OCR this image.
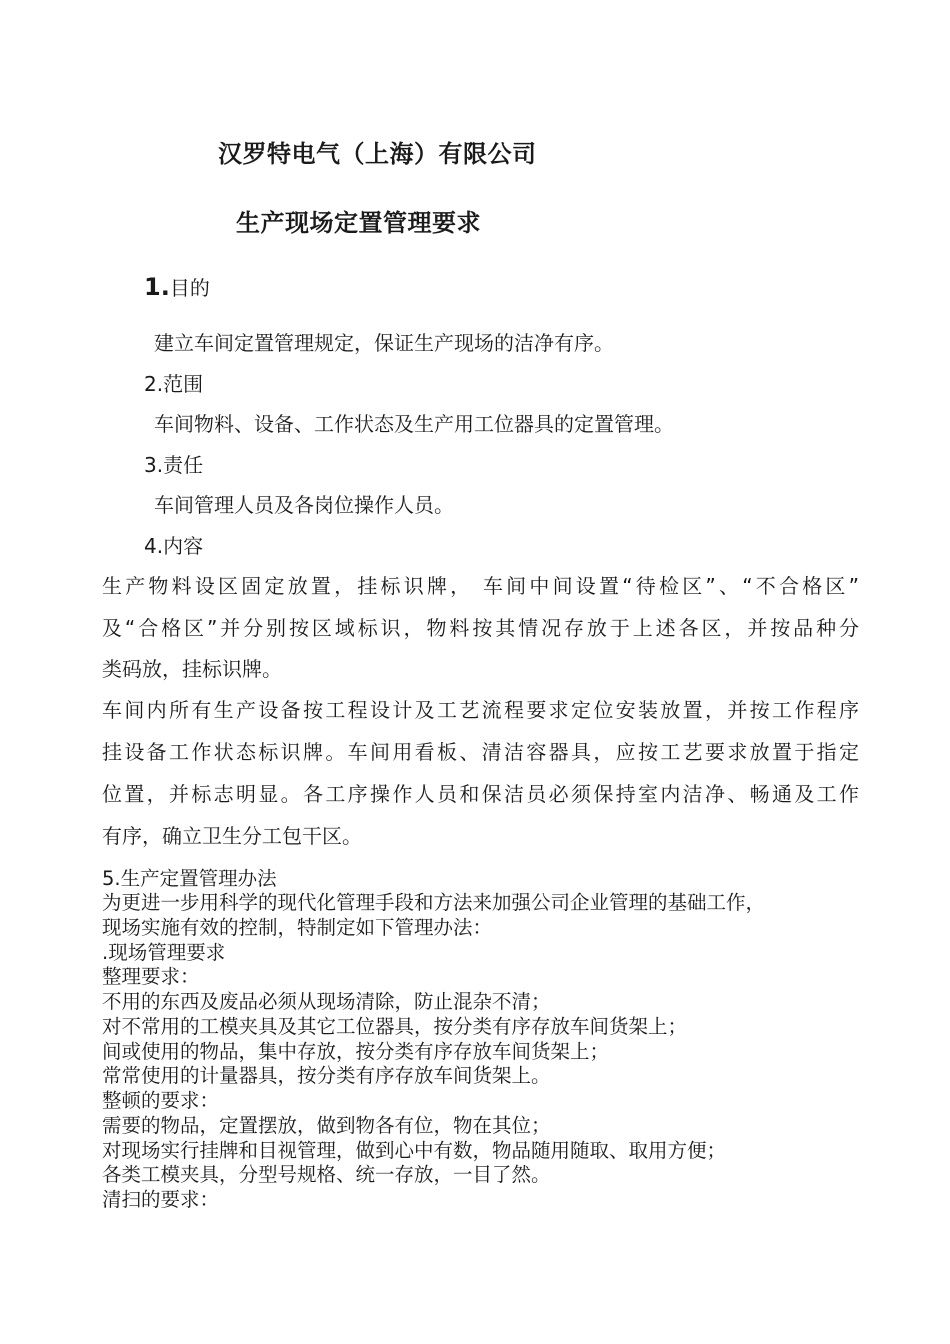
汉罗特电气（上海）有限公司

生产现场定置管理要求

1.目的

建立车间定置管理规定，保证生产现场的洁净有序。

2.范围

车间物料、设备、工作状态及生产用工位器具的定置管理。

3.责任

车间管理人员及各岗位操作人员。

4.内容

生产物料设区固定放置，挂标识牌， 车间中间设置“待检区”、“不合格区”

及“合格区”并分别按区域标识，物料按其情况存放于上述各区，并按品种分

类码放，挂标识牌。

车间内所有生产设备按工程设计及工艺流程要求定位安装放置，并按工作程序

挂设备工作状态标识牌。车间用看板、清洁容器具，应按工艺要求放置于指定

位置，并标志明显。各工序操作人员和保洁员必须保持室内洁净、畅通及工作

有序，确立卫生分工包干区。

5.生产定置管理办法

为更进一步用科学的现代化管理手段和方法来加强公司企业管理的基础工作，

现场实施有效的控制，特制定如下管理办法：

.现场管理要求

整理要求：

不用的东西及废品必须从现场清除，防止混杂不清；

对不常用的工模夹具及其它工位器具，按分类有序存放车间货架上；

间或使用的物品，集中存放，按分类有序存放车间货架上；

常常使用的计量器具，按分类有序存放车间货架上。

整顿的要求：

需要的物品，定置摆放，做到物各有位，物在其位；

对现场实行挂牌和目视管理，做到心中有数，物品随用随取、取用方便；

各类工模夹具，分型号规格、统一存放，一目了然。

清扫的要求：
